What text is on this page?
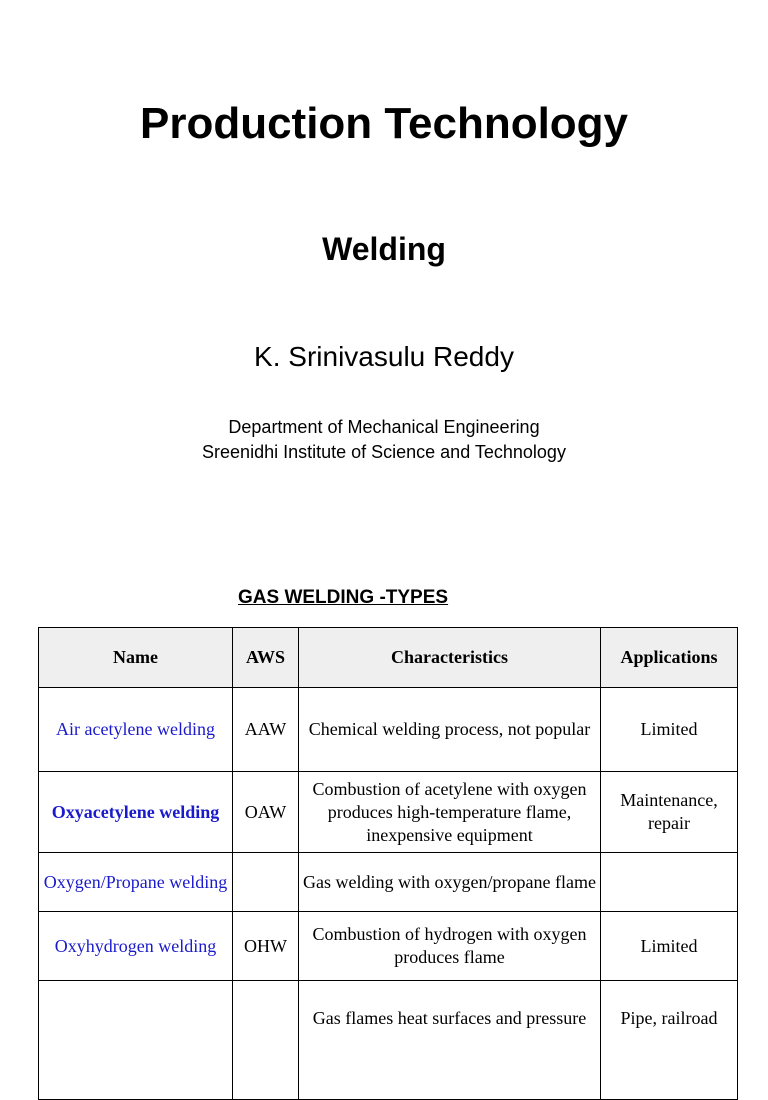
Production Technology
Welding
K. Srinivasulu Reddy
Department of Mechanical Engineering
Sreenidhi Institute of Science and Technology
GAS WELDING -TYPES
Name	AWS	Characteristics	Applications
Air acetylene welding	AAW	Chemical welding process, not popular	Limited
Oxyacetylene welding	OAW	Combustion of acetylene with oxygen produces high-temperature flame, inexpensive equipment	Maintenance, repair
Oxygen/Propane welding		Gas welding with oxygen/propane flame	
Oxyhydrogen welding	OHW	Combustion of hydrogen with oxygen produces flame	Limited
		Gas flames heat surfaces and pressure	Pipe, railroad
